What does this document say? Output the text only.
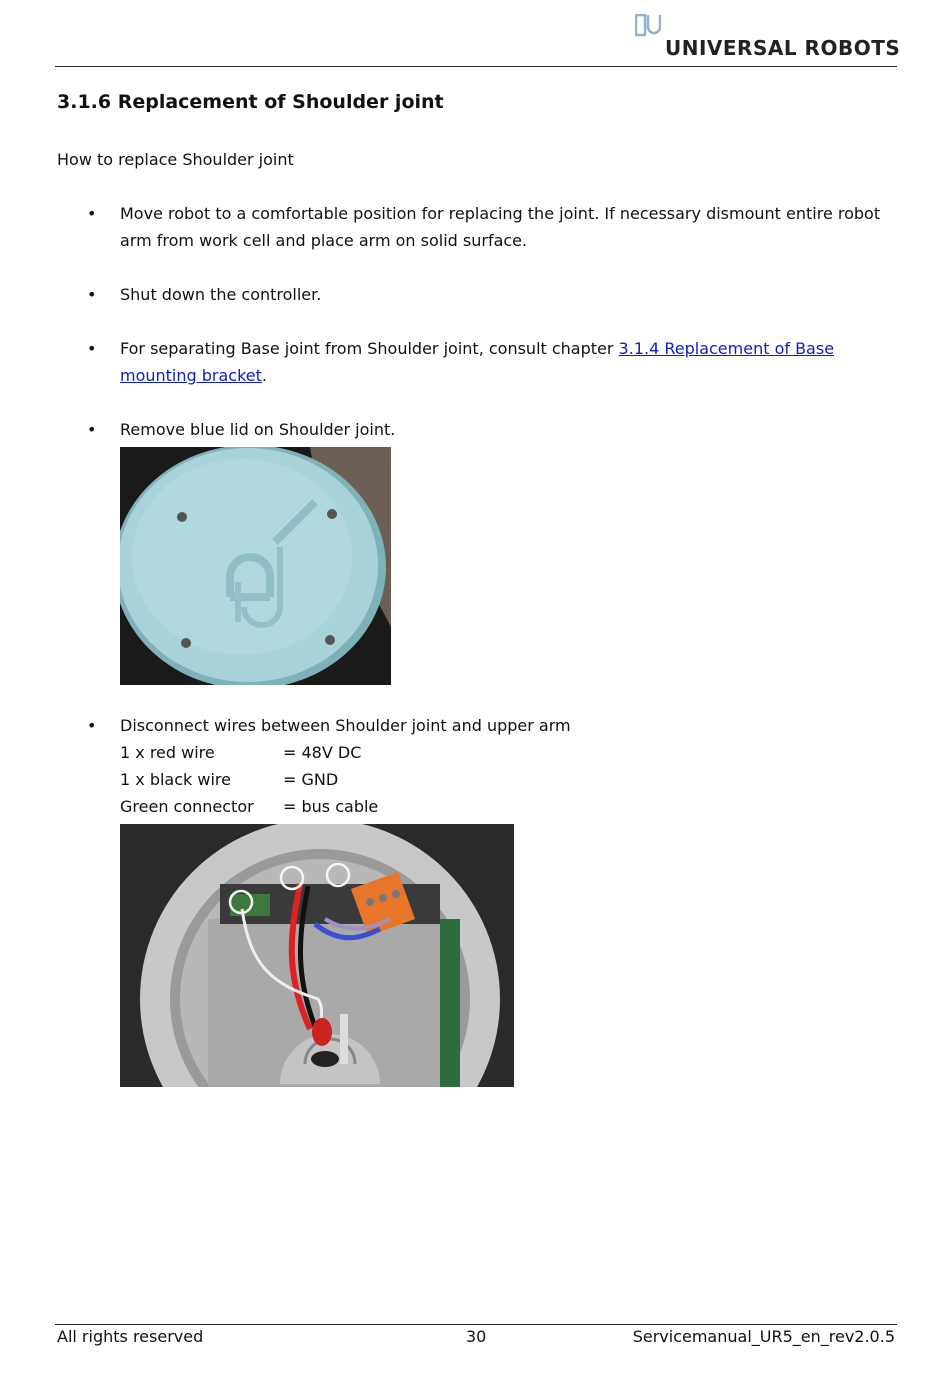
UNIVERSAL ROBOTS
3.1.6 Replacement of Shoulder joint
How to replace Shoulder joint
• Move robot to a comfortable position for replacing the joint. If necessary dismount entire robot arm from work cell and place arm on solid surface.
• Shut down the controller.
• For separating Base joint from Shoulder joint, consult chapter 3.1.4 Replacement of Base mounting bracket.
• Remove blue lid on Shoulder joint.
• Disconnect wires between Shoulder joint and upper arm
1 x red wire	= 48V DC
1 x black wire	= GND
Green connector	= bus cable
All rights reserved	30	Servicemanual_UR5_en_rev2.0.5
